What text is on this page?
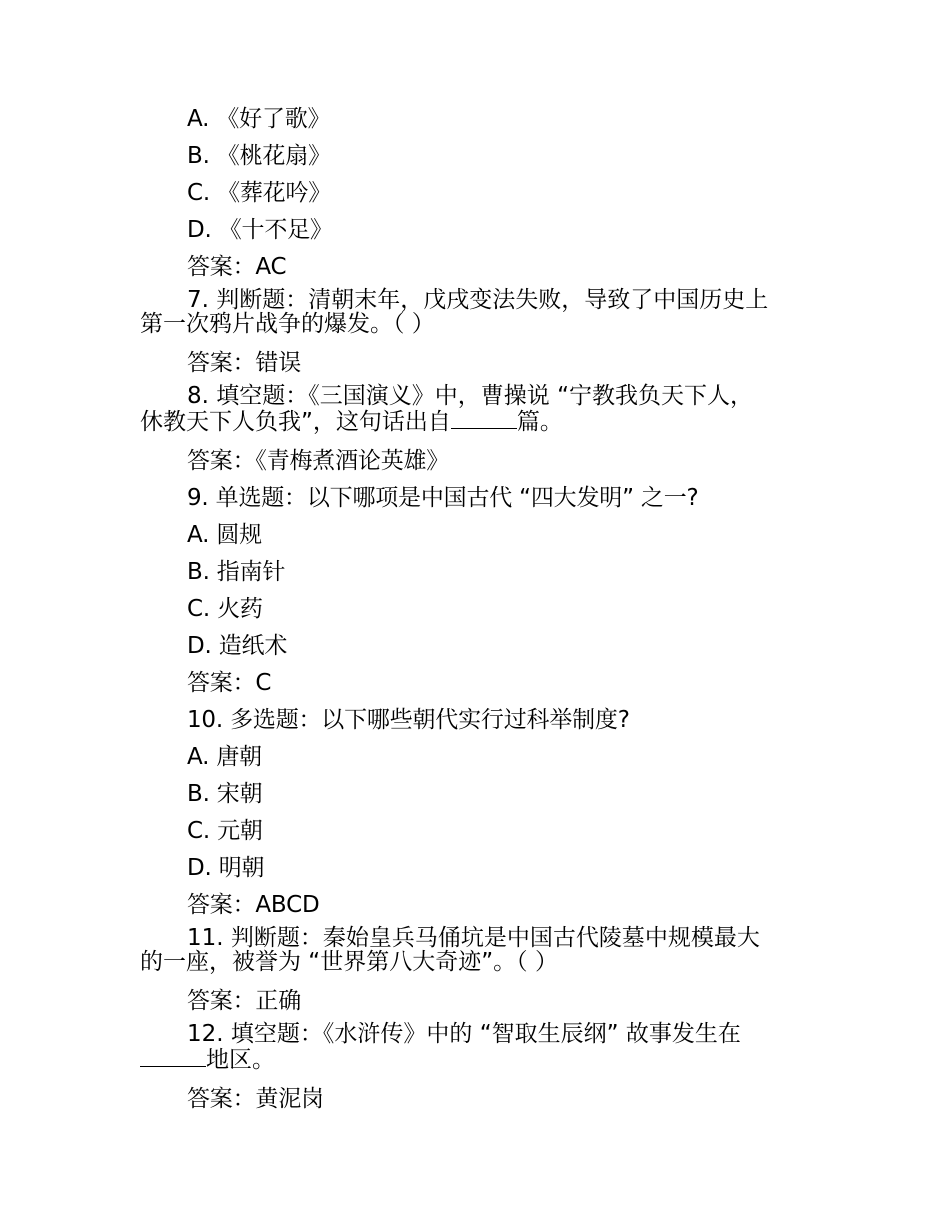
A. 《好了歌》
B. 《桃花扇》
C. 《葬花吟》
D. 《十不足》
答案：AC
7. 判断题：清朝末年，戊戌变法失败，导致了中国历史上
第一次鸦片战争的爆发。（ ）
答案：错误
8. 填空题：《三国演义》中，曹操说 “宁教我负天下人，
休教天下人负我”，这句话出自	篇。
答案：《青梅煮酒论英雄》
9. 单选题：以下哪项是中国古代 “四大发明” 之一?
A. 圆规
B. 指南针
C. 火药
D. 造纸术
答案：C
10. 多选题：以下哪些朝代实行过科举制度?
A. 唐朝
B. 宋朝
C. 元朝
D. 明朝
答案：ABCD
11. 判断题：秦始皇兵马俑坑是中国古代陵墓中规模最大
的一座，被誉为 “世界第八大奇迹”。（ ）
答案：正确
12. 填空题：《水浒传》中的 “智取生辰纲” 故事发生在
地区。
答案：黄泥岗
